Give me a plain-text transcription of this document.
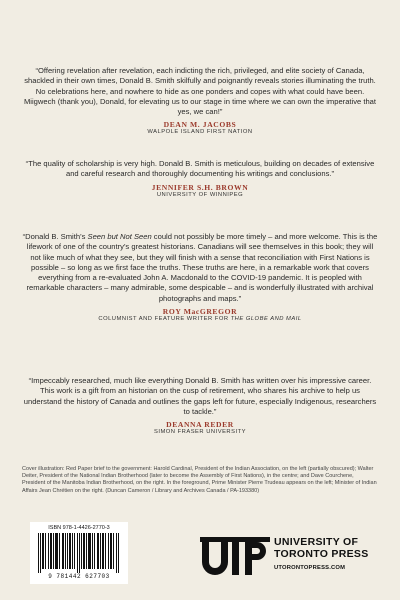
“Offering revelation after revelation, each indicting the rich, privileged, and elite society of Canada, shackled in their own times, Donald B. Smith skilfully and poignantly reveals stories illuminating the truth. No celebrations here, and nowhere to hide as one ponders and copes with what could have been. Miigwech (thank you), Donald, for elevating us to our stage in time where we can own the imperative that yes, we can!”

DEAN M. JACOBS
WALPOLE ISLAND FIRST NATION

“The quality of scholarship is very high. Donald B. Smith is meticulous, building on decades of extensive and careful research and thoroughly documenting his writings and conclusions.”

JENNIFER S.H. BROWN
UNIVERSITY OF WINNIPEG

“Donald B. Smith’s Seen but Not Seen could not possibly be more timely – and more welcome. This is the lifework of one of the country’s greatest historians. Canadians will see themselves in this book; they will not like much of what they see, but they will finish with a sense that reconciliation with First Nations is possible – so long as we first face the truths. These truths are here, in a remarkable work that covers everything from a re-evaluated John A. Macdonald to the COVID-19 pandemic. It is peopled with remarkable characters – many admirable, some despicable – and is wonderfully illustrated with archival photographs and maps.”

ROY MacGREGOR
COLUMNIST AND FEATURE WRITER FOR THE GLOBE AND MAIL

“Impeccably researched, much like everything Donald B. Smith has written over his impressive career. This work is a gift from an historian on the cusp of retirement, who shares his archive to help us understand the history of Canada and outlines the gaps left for future, especially Indigenous, researchers to tackle.”

DEANNA REDER
SIMON FRASER UNIVERSITY

Cover illustration: Red Paper brief to the government: Harold Cardinal, President of the Indian Association, on the left (partially obscured); Walter Deiter, President of the National Indian Brotherhood (later to become the Assembly of First Nations), in the centre; and Dave Courchene, President of the Manitoba Indian Brotherhood, on the right. In the foreground, Prime Minister Pierre Trudeau appears on the left; Minister of Indian Affairs Jean Chrétien on the right. (Duncan Cameron / Library and Archives Canada / PA-193380)

ISBN 978-1-4426-2770-3
9 781442 627703
UNIVERSITY OF
TORONTO PRESS
UTORONTOPRESS.COM
